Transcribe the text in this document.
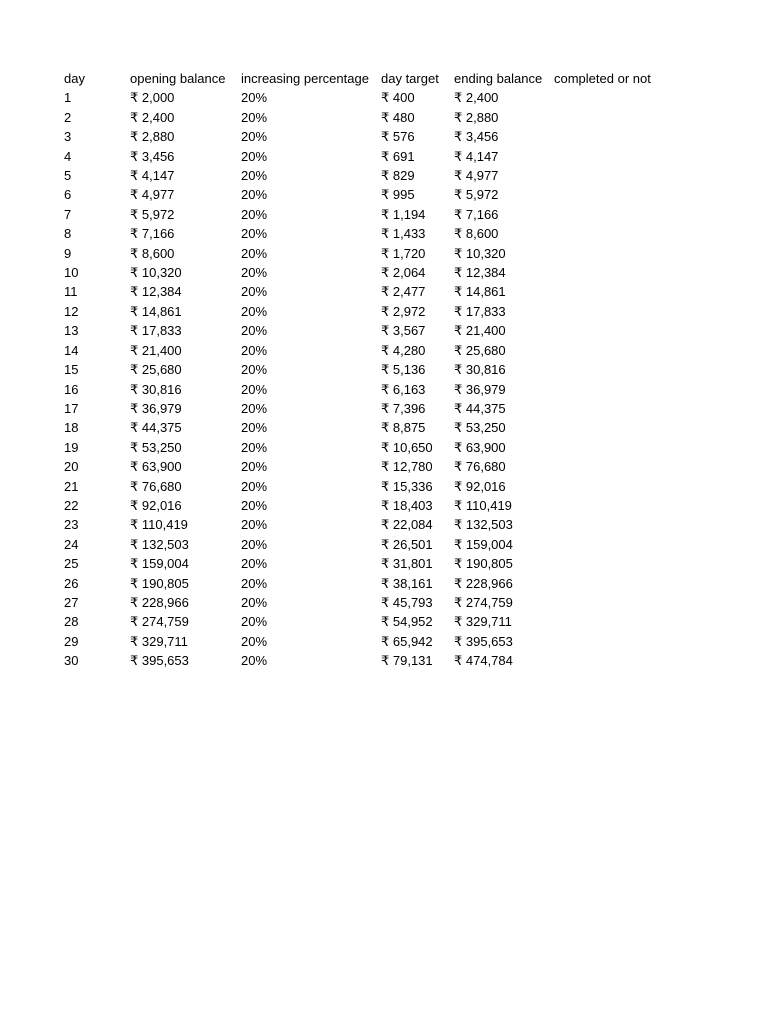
day	opening balance	increasing percentage	day target	ending balance	completed or not
1	₹ 2,000	20%	₹ 400	₹ 2,400	
2	₹ 2,400	20%	₹ 480	₹ 2,880	
3	₹ 2,880	20%	₹ 576	₹ 3,456	
4	₹ 3,456	20%	₹ 691	₹ 4,147	
5	₹ 4,147	20%	₹ 829	₹ 4,977	
6	₹ 4,977	20%	₹ 995	₹ 5,972	
7	₹ 5,972	20%	₹ 1,194	₹ 7,166	
8	₹ 7,166	20%	₹ 1,433	₹ 8,600	
9	₹ 8,600	20%	₹ 1,720	₹ 10,320	
10	₹ 10,320	20%	₹ 2,064	₹ 12,384	
11	₹ 12,384	20%	₹ 2,477	₹ 14,861	
12	₹ 14,861	20%	₹ 2,972	₹ 17,833	
13	₹ 17,833	20%	₹ 3,567	₹ 21,400	
14	₹ 21,400	20%	₹ 4,280	₹ 25,680	
15	₹ 25,680	20%	₹ 5,136	₹ 30,816	
16	₹ 30,816	20%	₹ 6,163	₹ 36,979	
17	₹ 36,979	20%	₹ 7,396	₹ 44,375	
18	₹ 44,375	20%	₹ 8,875	₹ 53,250	
19	₹ 53,250	20%	₹ 10,650	₹ 63,900	
20	₹ 63,900	20%	₹ 12,780	₹ 76,680	
21	₹ 76,680	20%	₹ 15,336	₹ 92,016	
22	₹ 92,016	20%	₹ 18,403	₹ 110,419	
23	₹ 110,419	20%	₹ 22,084	₹ 132,503	
24	₹ 132,503	20%	₹ 26,501	₹ 159,004	
25	₹ 159,004	20%	₹ 31,801	₹ 190,805	
26	₹ 190,805	20%	₹ 38,161	₹ 228,966	
27	₹ 228,966	20%	₹ 45,793	₹ 274,759	
28	₹ 274,759	20%	₹ 54,952	₹ 329,711	
29	₹ 329,711	20%	₹ 65,942	₹ 395,653	
30	₹ 395,653	20%	₹ 79,131	₹ 474,784	
